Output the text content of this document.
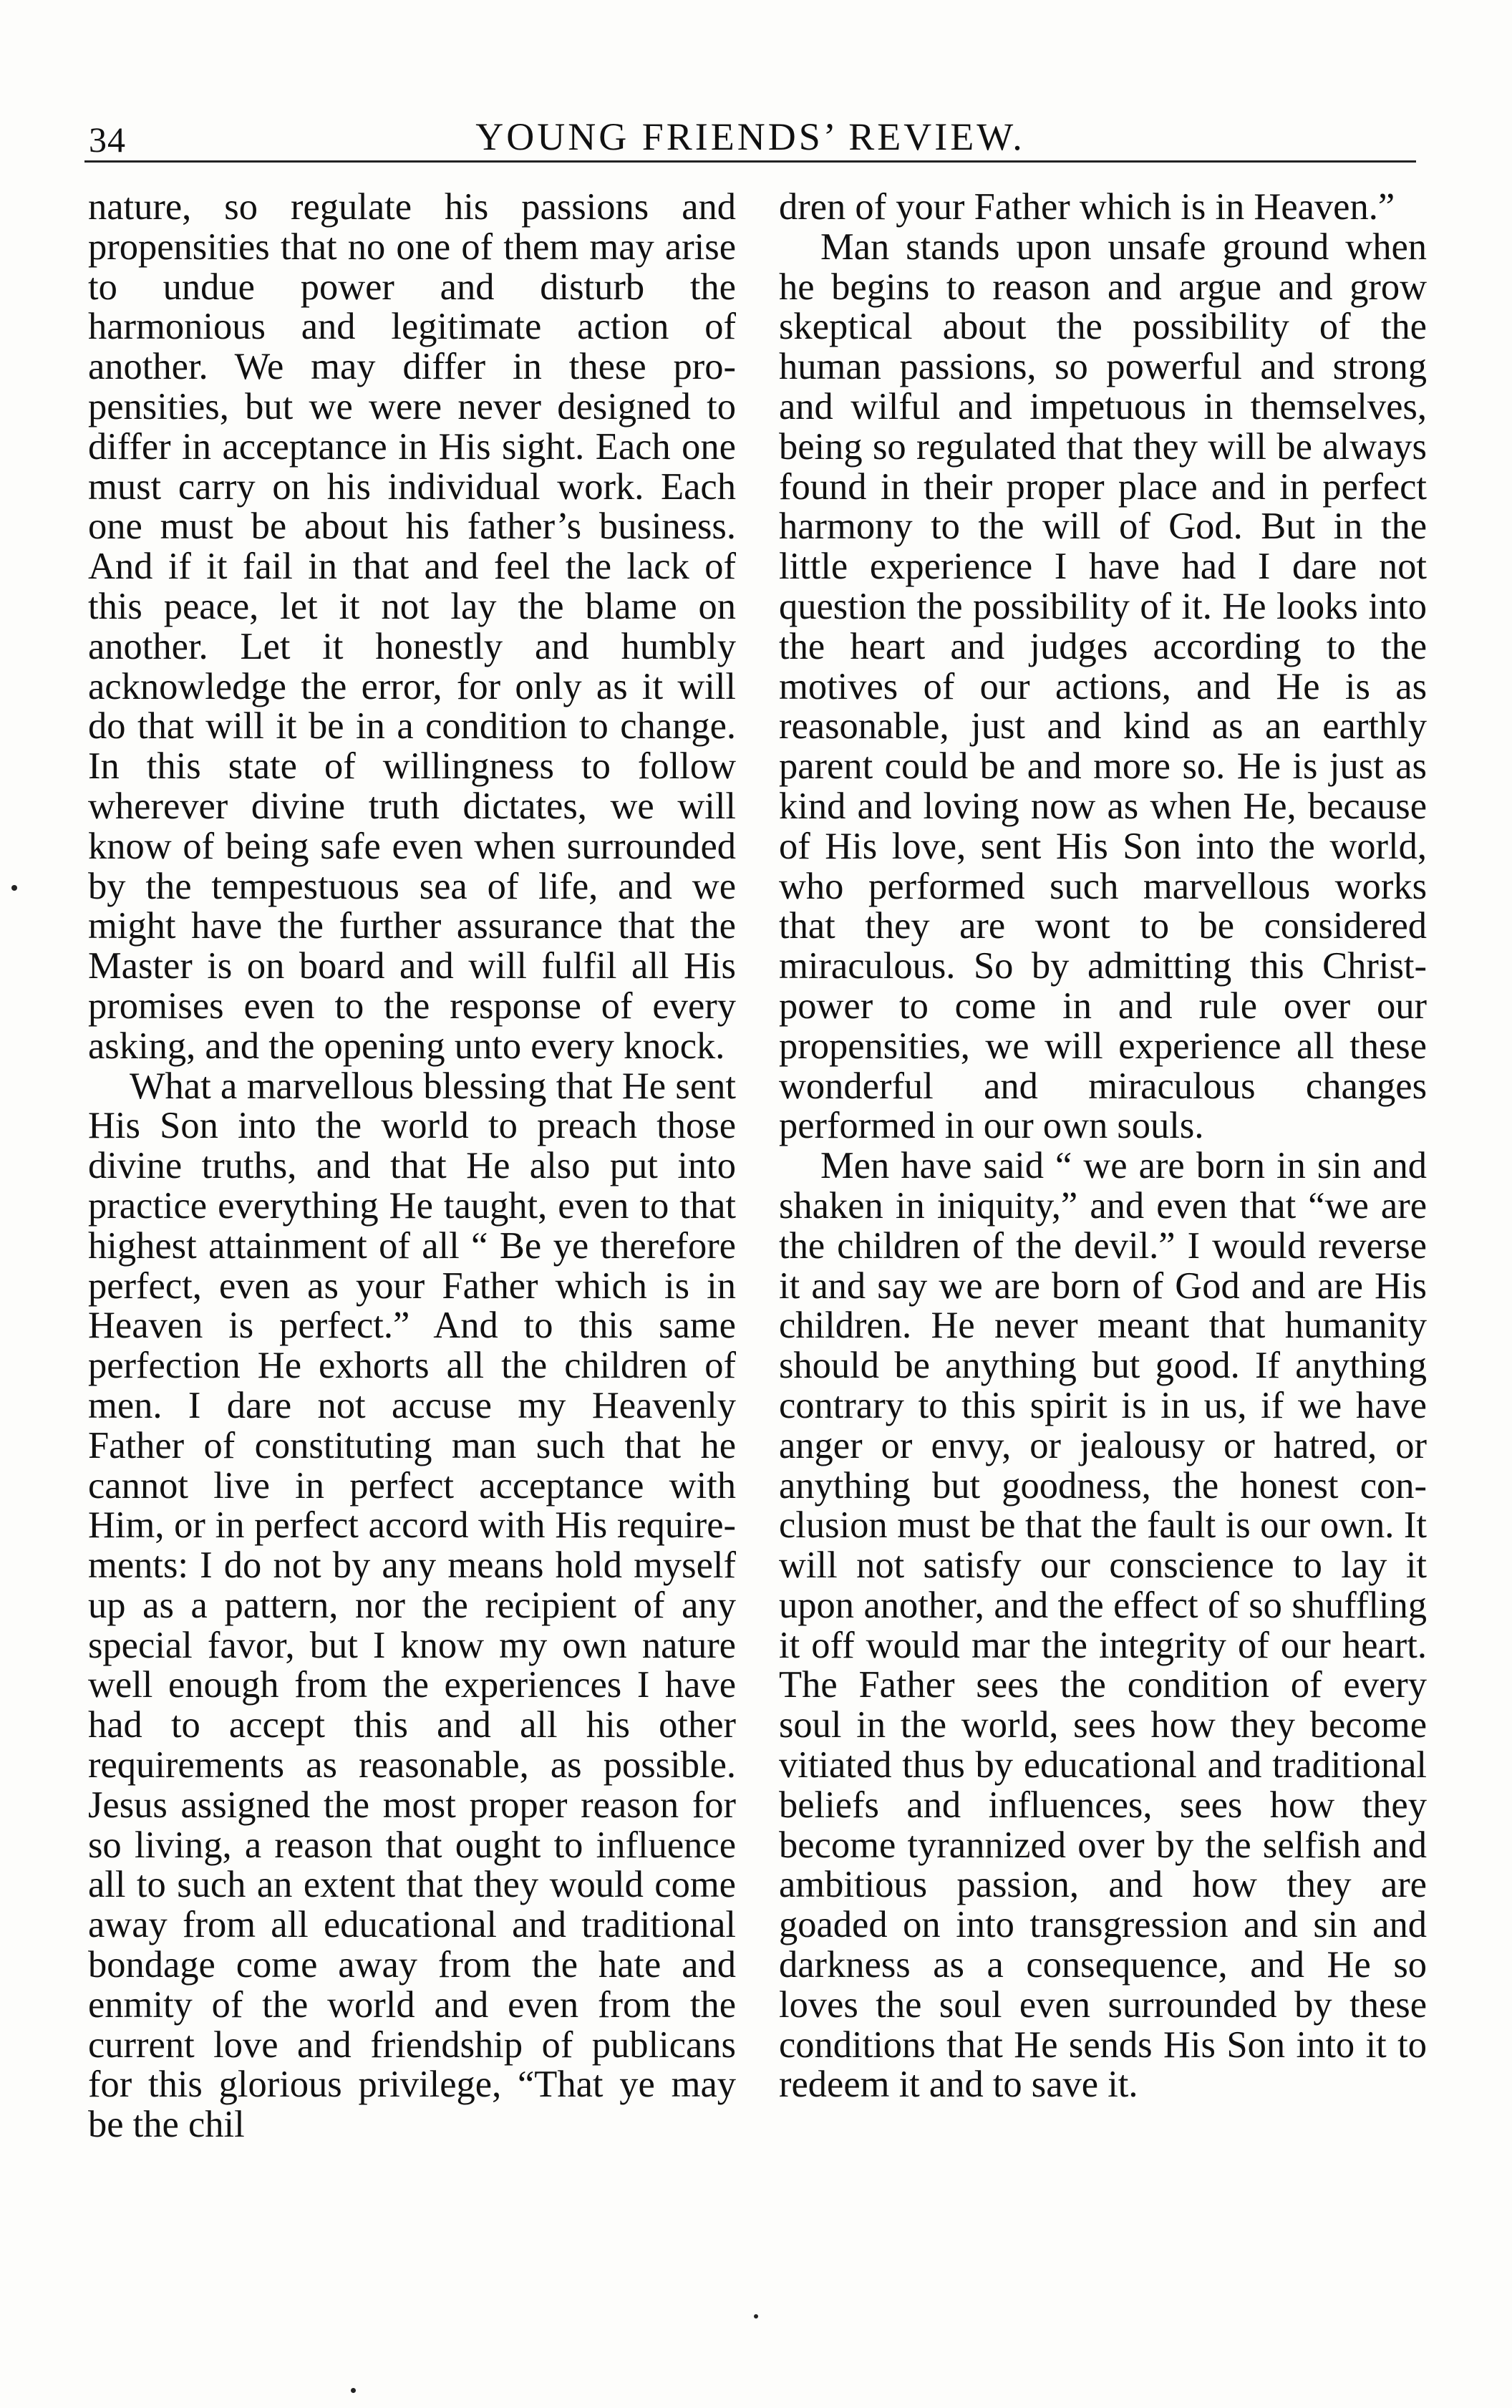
34	YOUNG FRIENDS’ REVIEW.

nature, so regulate his passions and propensities that no one of them may arise to undue power and disturb the harmonious and legitimate action of another. We may differ in these propensities, but we were never designed to differ in acceptance in His sight. Each one must carry on his individual work. Each one must be about his father’s business. And if it fail in that and feel the lack of this peace, let it not lay the blame on another. Let it honestly and humbly acknowledge the error, for only as it will do that will it be in a condition to change. In this state of willingness to follow wherever divine truth dictates, we will know of being safe even when surrounded by the tempestuous sea of life, and we might have the further assurance that the Master is on board and will fulfil all His promises even to the response of every asking, and the opening unto every knock.

What a marvellous blessing that He sent His Son into the world to preach those divine truths, and that He also put into practice everything He taught, even to that highest attainment of all “ Be ye therefore perfect, even as your Father which is in Heaven is perfect.” And to this same perfection He exhorts all the children of men. I dare not accuse my Heavenly Father of constituting man such that he cannot live in perfect acceptance with Him, or in perfect accord with His requirements: I do not by any means hold myself up as a pattern, nor the recipient of any special favor, but I know my own nature well enough from the experiences I have had to accept this and all his other requirements as reasonable, as possible. Jesus assigned the most proper reason for so living, a reason that ought to influence all to such an extent that they would come away from all educational and traditional bondage come away from the hate and enmity of the world and even from the current love and friendship of publicans for this glorious privilege, “That ye may be the chil

dren of your Father which is in Heaven.”

Man stands upon unsafe ground when he begins to reason and argue and grow skeptical about the possibility of the human passions, so powerful and strong and wilful and impetuous in themselves, being so regulated that they will be always found in their proper place and in perfect harmony to the will of God. But in the little experience I have had I dare not question the possibility of it. He looks into the heart and judges according to the motives of our actions, and He is as reasonable, just and kind as an earthly parent could be and more so. He is just as kind and loving now as when He, because of His love, sent His Son into the world, who performed such marvellous works that they are wont to be considered miraculous. So by admitting this Christ-power to come in and rule over our propensities, we will experience all these wonderful and miraculous changes performed in our own souls.

Men have said “ we are born in sin and shaken in iniquity,” and even that “we are the children of the devil.” I would reverse it and say we are born of God and are His children. He never meant that humanity should be anything but good. If anything contrary to this spirit is in us, if we have anger or envy, or jealousy or hatred, or anything but goodness, the honest conclusion must be that the fault is our own. It will not satisfy our conscience to lay it upon another, and the effect of so shuffling it off would mar the integrity of our heart. The Father sees the condition of every soul in the world, sees how they become vitiated thus by educational and traditional beliefs and influences, sees how they become tyrannized over by the selfish and ambitious passion, and how they are goaded on into transgression and sin and darkness as a consequence, and He so loves the soul even surrounded by these conditions that He sends His Son into it to redeem it and to save it.
